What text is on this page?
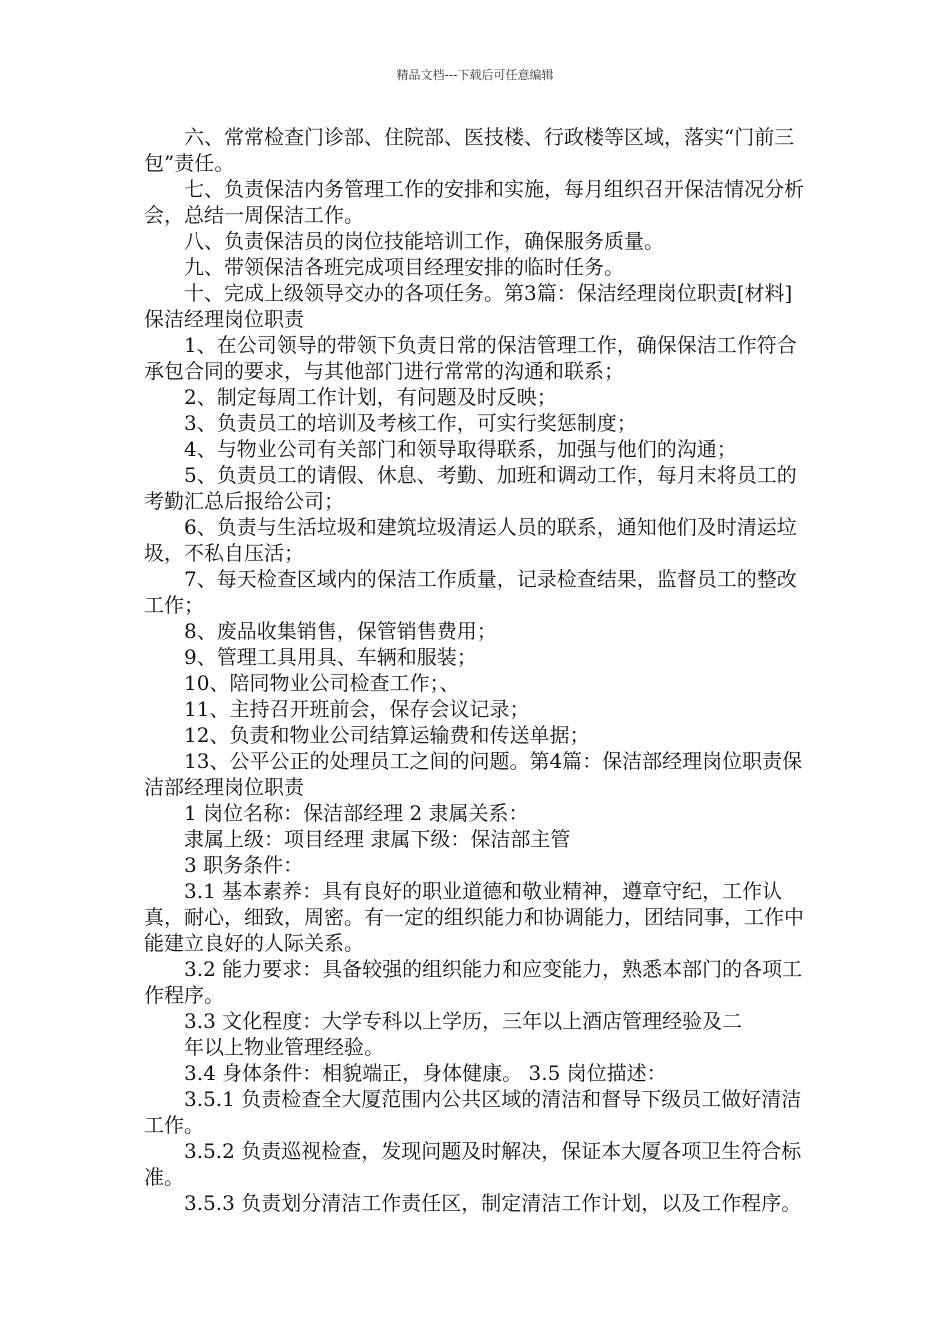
精品文档---下载后可任意编辑

六、常常检查门诊部、住院部、医技楼、行政楼等区域，落实“门前三包”责任。

七、负责保洁内务管理工作的安排和实施，每月组织召开保洁情况分析会，总结一周保洁工作。

八、负责保洁员的岗位技能培训工作，确保服务质量。

九、带领保洁各班完成项目经理安排的临时任务。

十、完成上级领导交办的各项任务。第3篇：保洁经理岗位职责[材料]保洁经理岗位职责

1、在公司领导的带领下负责日常的保洁管理工作，确保保洁工作符合承包合同的要求，与其他部门进行常常的沟通和联系；

2、制定每周工作计划，有问题及时反映；

3、负责员工的培训及考核工作，可实行奖惩制度；

4、与物业公司有关部门和领导取得联系，加强与他们的沟通；

5、负责员工的请假、休息、考勤、加班和调动工作，每月末将员工的考勤汇总后报给公司；

6、负责与生活垃圾和建筑垃圾清运人员的联系，通知他们及时清运垃圾，不私自压活；

7、每天检查区域内的保洁工作质量，记录检查结果，监督员工的整改工作；

8、废品收集销售，保管销售费用；

9、管理工具用具、车辆和服装；

10、陪同物业公司检查工作；、

11、主持召开班前会，保存会议记录；

12、负责和物业公司结算运输费和传送单据；

13、公平公正的处理员工之间的问题。第4篇：保洁部经理岗位职责保洁部经理岗位职责

1 岗位名称：保洁部经理 2 隶属关系：

隶属上级：项目经理 隶属下级：保洁部主管

3 职务条件：

3.1 基本素养：具有良好的职业道德和敬业精神，遵章守纪，工作认真，耐心，细致，周密。有一定的组织能力和协调能力，团结同事，工作中能建立良好的人际关系。

3.2 能力要求：具备较强的组织能力和应变能力，熟悉本部门的各项工作程序。

3.3 文化程度：大学专科以上学历，三年以上酒店管理经验及二

年以上物业管理经验。

3.4 身体条件：相貌端正，身体健康。 3.5 岗位描述：

3.5.1 负责检查全大厦范围内公共区域的清洁和督导下级员工做好清洁工作。

3.5.2 负责巡视检查，发现问题及时解决，保证本大厦各项卫生符合标准。

3.5.3 负责划分清洁工作责任区，制定清洁工作计划，以及工作程序。
